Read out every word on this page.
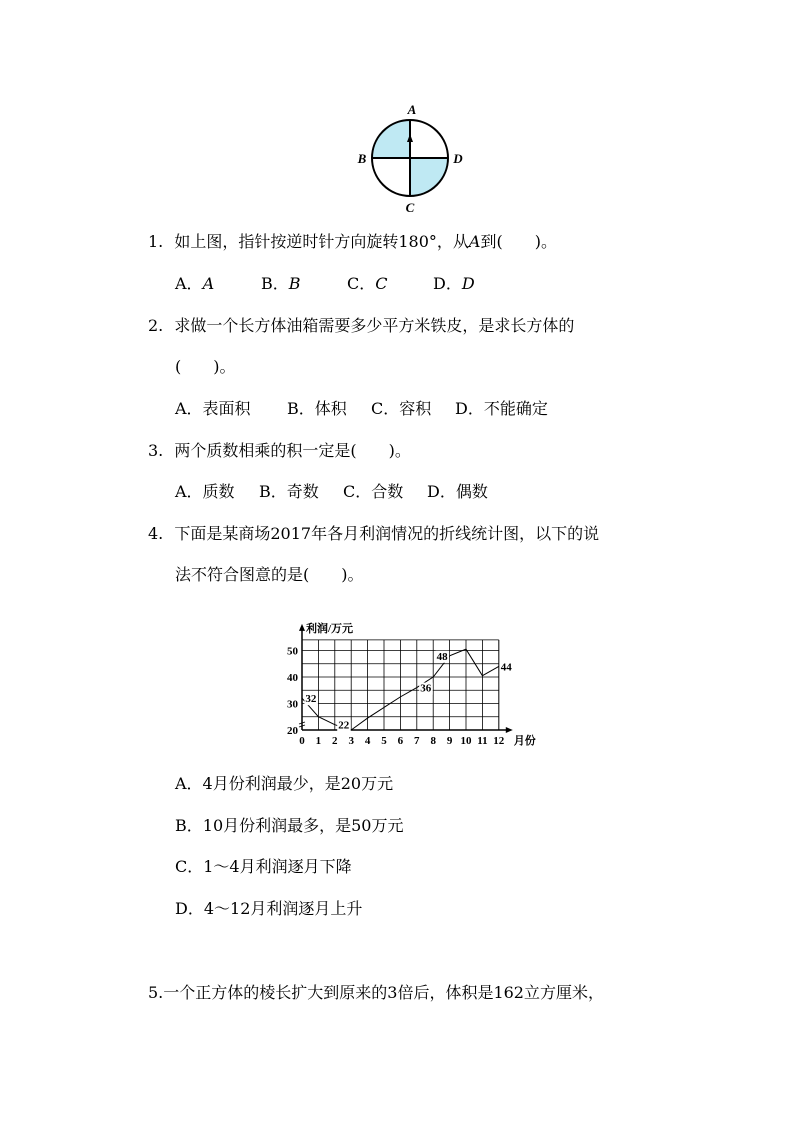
A
B	D
C
1. 如上图，指针按逆时针方向旋转180°，从A到(　　)。
A．A	B．B	C．C	D．D
2. 求做一个长方体油箱需要多少平方米铁皮，是求长方体的
(　　)。
A．表面积 B．体积 C．容积 D．不能确定
3. 两个质数相乘的积一定是(　　)。
A．质数 B．奇数 C．合数 D．偶数
4. 下面是某商场2017年各月利润情况的折线统计图，以下的说
法不符合图意的是(　　)。
利润/万元
月份
0 1 2 3 4 5 6 7 8 9 10 11 12
20
30
40
50
32
22
36
48
44
A．4月份利润最少，是20万元
B．10月份利润最多，是50万元
C．1～4月利润逐月下降
D．4～12月利润逐月上升
5.一个正方体的棱长扩大到原来的3倍后，体积是162立方厘米，
